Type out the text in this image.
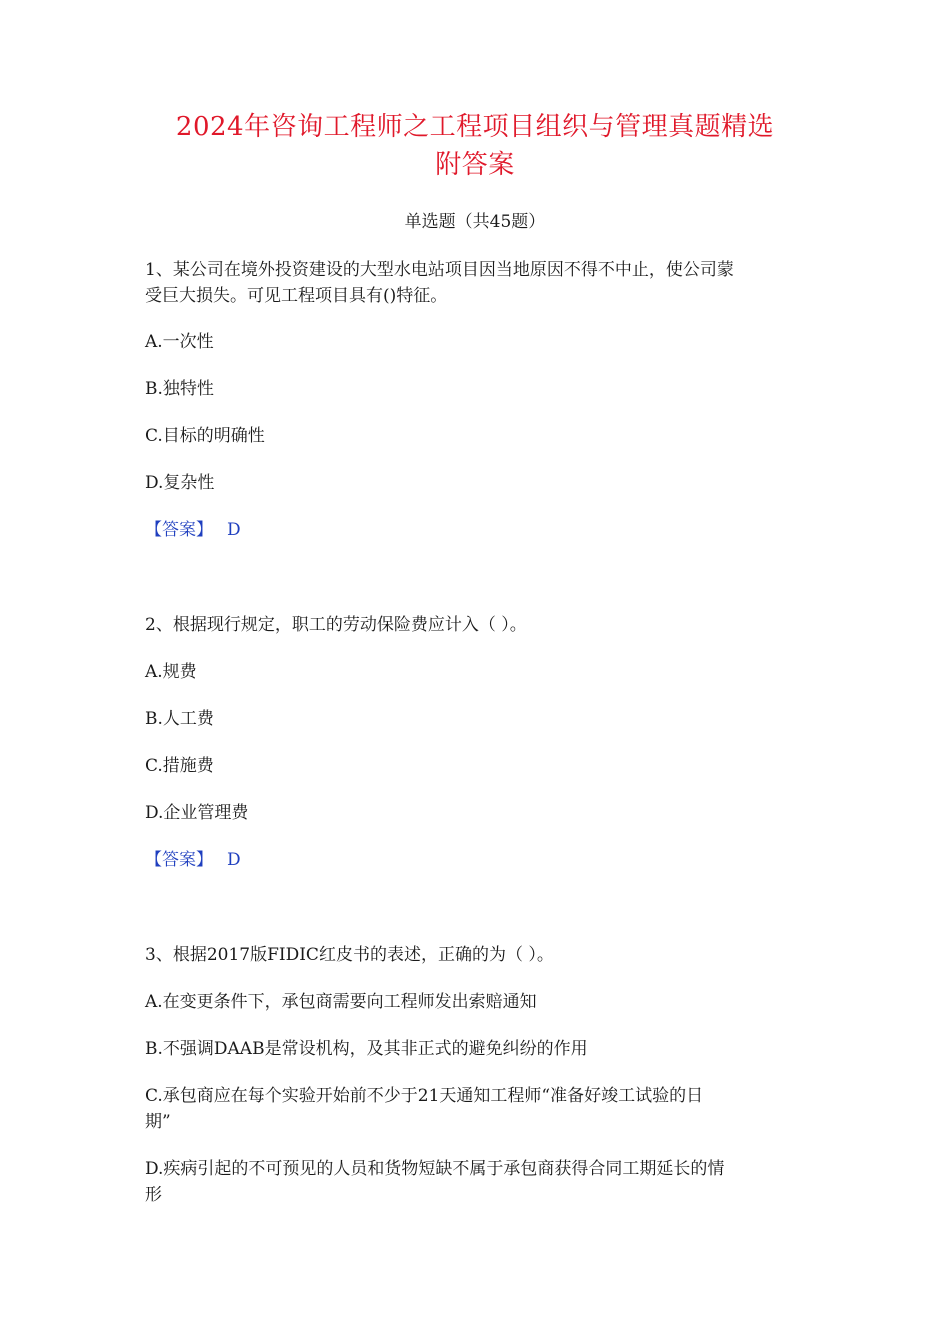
2024年咨询工程师之工程项目组织与管理真题精选
附答案
单选题（共45题）
1、某公司在境外投资建设的大型水电站项目因当地原因不得不中止，使公司蒙
受巨大损失。可见工程项目具有()特征。
A.一次性
B.独特性
C.目标的明确性
D.复杂性
【答案】 D
2、根据现行规定，职工的劳动保险费应计入（ ）。
A.规费
B.人工费
C.措施费
D.企业管理费
【答案】 D
3、根据2017版FIDIC红皮书的表述，正确的为（ ）。
A.在变更条件下，承包商需要向工程师发出索赔通知
B.不强调DAAB是常设机构，及其非正式的避免纠纷的作用
C.承包商应在每个实验开始前不少于21天通知工程师“准备好竣工试验的日
期”
D.疾病引起的不可预见的人员和货物短缺不属于承包商获得合同工期延长的情
形
